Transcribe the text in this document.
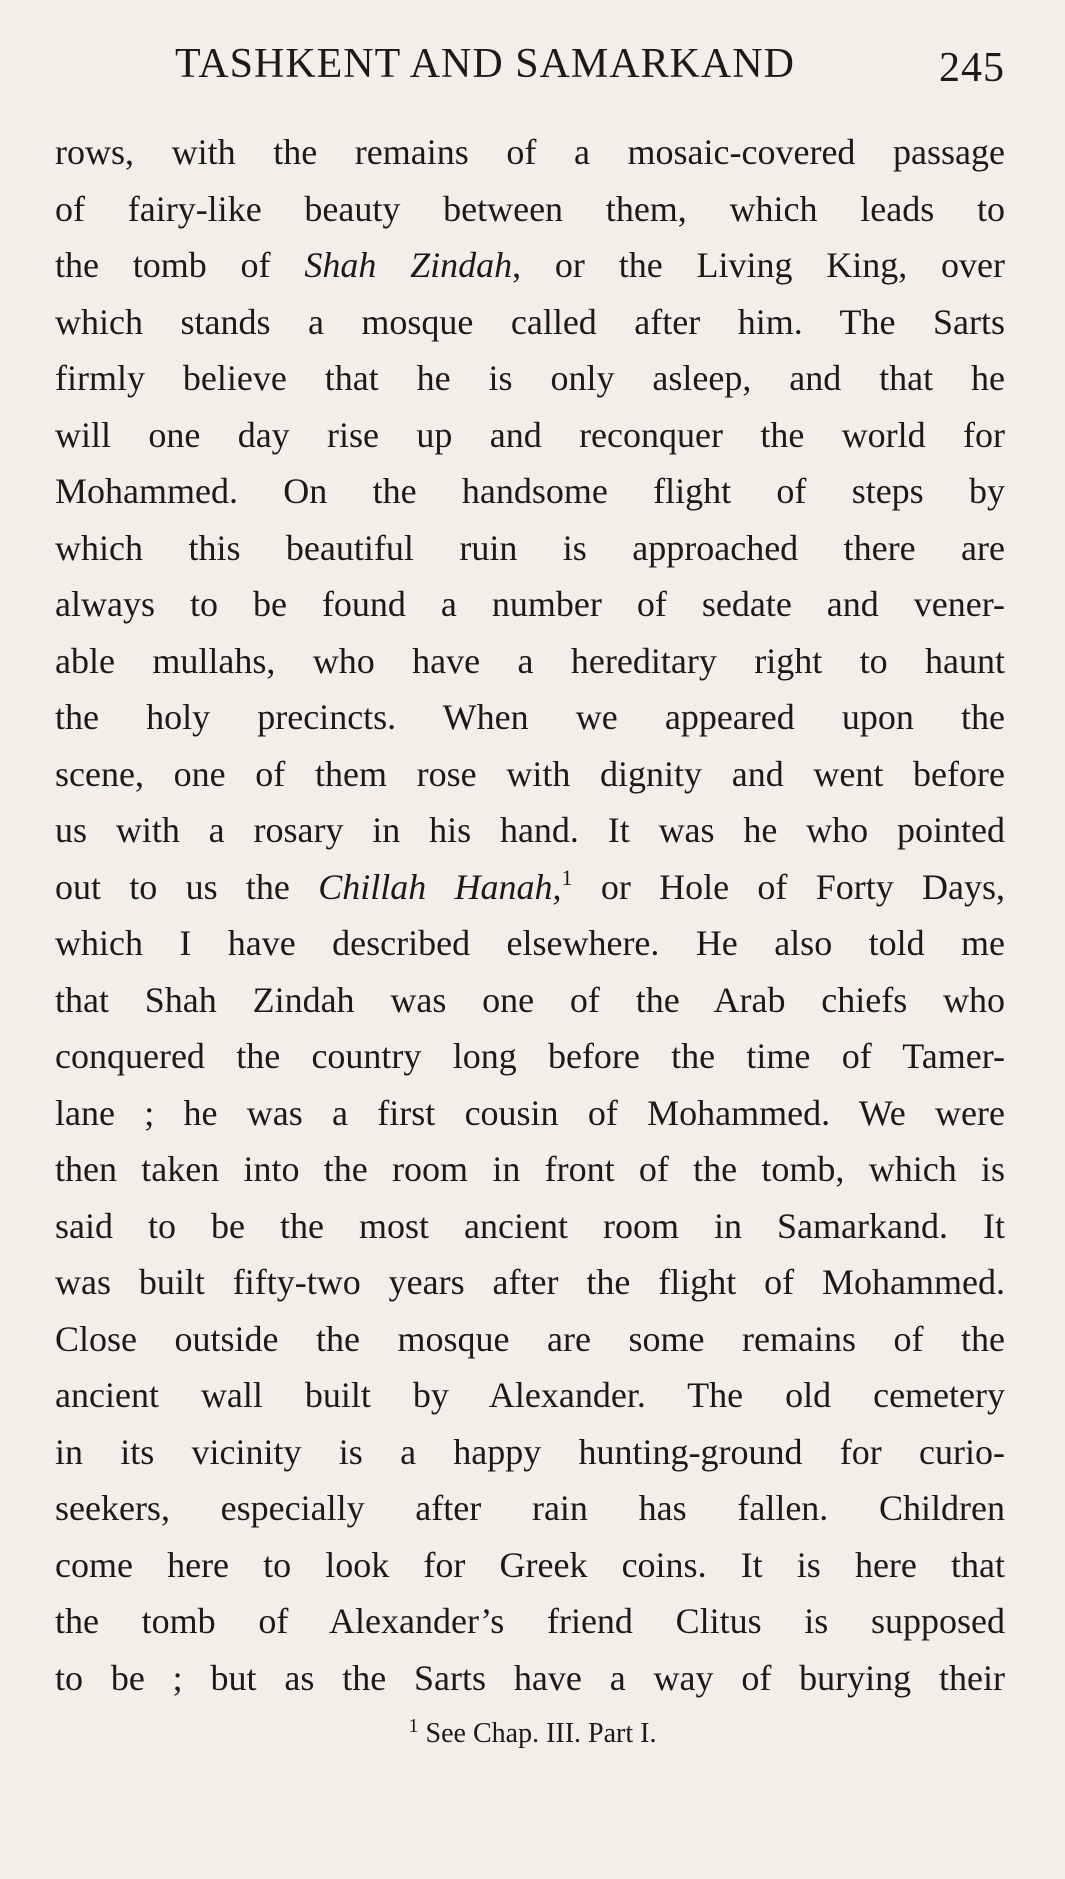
TASHKENT AND SAMARKAND	245
rows, with the remains of a mosaic-covered passage
of fairy-like beauty between them, which leads to
the tomb of Shah Zindah, or the Living King, over
which stands a mosque called after him. The Sarts
firmly believe that he is only asleep, and that he
will one day rise up and reconquer the world for
Mohammed. On the handsome flight of steps by
which this beautiful ruin is approached there are
always to be found a number of sedate and vener-
able mullahs, who have a hereditary right to haunt
the holy precincts. When we appeared upon the
scene, one of them rose with dignity and went before
us with a rosary in his hand. It was he who pointed
out to us the Chillah Hanah,$^1$ or Hole of Forty Days,
which I have described elsewhere. He also told me
that Shah Zindah was one of the Arab chiefs who
conquered the country long before the time of Tamer-
lane ; he was a first cousin of Mohammed. We were
then taken into the room in front of the tomb, which is
said to be the most ancient room in Samarkand. It
was built fifty-two years after the flight of Mohammed.
Close outside the mosque are some remains of the
ancient wall built by Alexander. The old cemetery
in its vicinity is a happy hunting-ground for curio-
seekers, especially after rain has fallen. Children
come here to look for Greek coins. It is here that
the tomb of Alexander’s friend Clitus is supposed
to be ; but as the Sarts have a way of burying their
$^1$ See Chap. III. Part I.
